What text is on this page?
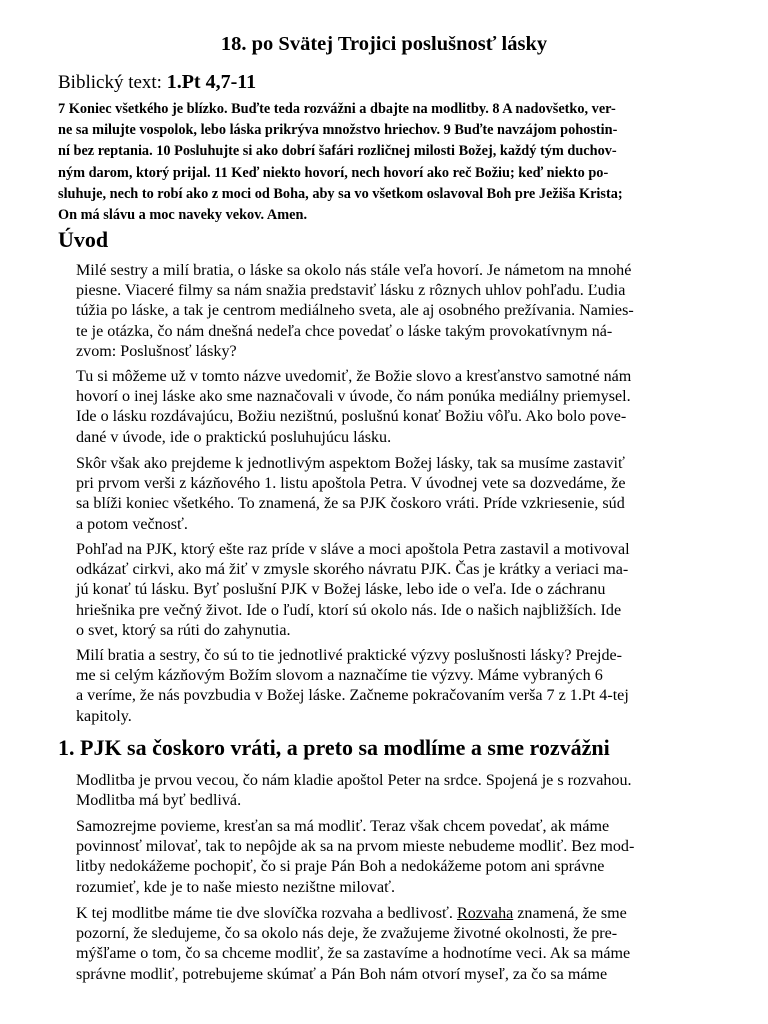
18. po Svätej Trojici poslušnosť lásky
Biblický text: 1.Pt 4,7-11
7 Koniec všetkého je blízko. Buďte teda rozvážni a dbajte na modlitby. 8 A nadovšetko, ver-
ne sa milujte vospolok, lebo láska prikrýva množstvo hriechov. 9 Buďte navzájom pohostin-
ní bez reptania. 10 Posluhujte si ako dobrí šafári rozličnej milosti Božej, každý tým duchov-
ným darom, ktorý prijal. 11 Keď niekto hovorí, nech hovorí ako reč Božiu; keď niekto po-
sluhuje, nech to robí ako z moci od Boha, aby sa vo všetkom oslavoval Boh pre Ježiša Krista;
On má slávu a moc naveky vekov. Amen.
Úvod
Milé sestry a milí bratia, o láske sa okolo nás stále veľa hovorí. Je námetom na mnohé
piesne. Viaceré filmy sa nám snažia predstaviť lásku z rôznych uhlov pohľadu. Ľudia
túžia po láske, a tak je centrom mediálneho sveta, ale aj osobného prežívania. Namies-
te je otázka, čo nám dnešná nedeľa chce povedať o láske takým provokatívnym ná-
zvom: Poslušnosť lásky?
Tu si môžeme už v tomto názve uvedomiť, že Božie slovo a kresťanstvo samotné nám
hovorí o inej láske ako sme naznačovali v úvode, čo nám ponúka mediálny priemysel.
Ide o lásku rozdávajúcu, Božiu nezištnú, poslušnú konať Božiu vôľu. Ako bolo pove-
dané v úvode, ide o praktickú posluhujúcu lásku.
Skôr však ako prejdeme k jednotlivým aspektom Božej lásky, tak sa musíme zastaviť
pri prvom verši z kázňového 1. listu apoštola Petra. V úvodnej vete sa dozvedáme, že
sa blíži koniec všetkého. To znamená, že sa PJK čoskoro vráti. Príde vzkriesenie, súd
a potom večnosť.
Pohľad na PJK, ktorý ešte raz príde v sláve a moci apoštola Petra zastavil a motivoval
odkázať cirkvi, ako má žiť v zmysle skorého návratu PJK. Čas je krátky a veriaci ma-
jú konať tú lásku. Byť poslušní PJK v Božej láske, lebo ide o veľa. Ide o záchranu
hriešnika pre večný život. Ide o ľudí, ktorí sú okolo nás. Ide o našich najbližších. Ide
o svet, ktorý sa rúti do zahynutia.
Milí bratia a sestry, čo sú to tie jednotlivé praktické výzvy poslušnosti lásky? Prejde-
me si celým kázňovým Božím slovom a naznačíme tie výzvy. Máme vybraných 6
a veríme, že nás povzbudia v Božej láske. Začneme pokračovaním verša 7 z 1.Pt 4-tej
kapitoly.
1. PJK sa čoskoro vráti, a preto sa modlíme a sme rozvážni
Modlitba je prvou vecou, čo nám kladie apoštol Peter na srdce. Spojená je s rozvahou.
Modlitba má byť bedlivá.
Samozrejme povieme, kresťan sa má modliť. Teraz však chcem povedať, ak máme
povinnosť milovať, tak to nepôjde ak sa na prvom mieste nebudeme modliť. Bez mod-
litby nedokážeme pochopiť, čo si praje Pán Boh a nedokážeme potom ani správne
rozumieť, kde je to naše miesto nezištne milovať.
K tej modlitbe máme tie dve slovíčka rozvaha a bedlivosť. Rozvaha znamená, že sme
pozorní, že sledujeme, čo sa okolo nás deje, že zvažujeme životné okolnosti, že pre-
mýšľame o tom, čo sa chceme modliť, že sa zastavíme a hodnotíme veci. Ak sa máme
správne modliť, potrebujeme skúmať a Pán Boh nám otvorí myseľ, za čo sa máme
